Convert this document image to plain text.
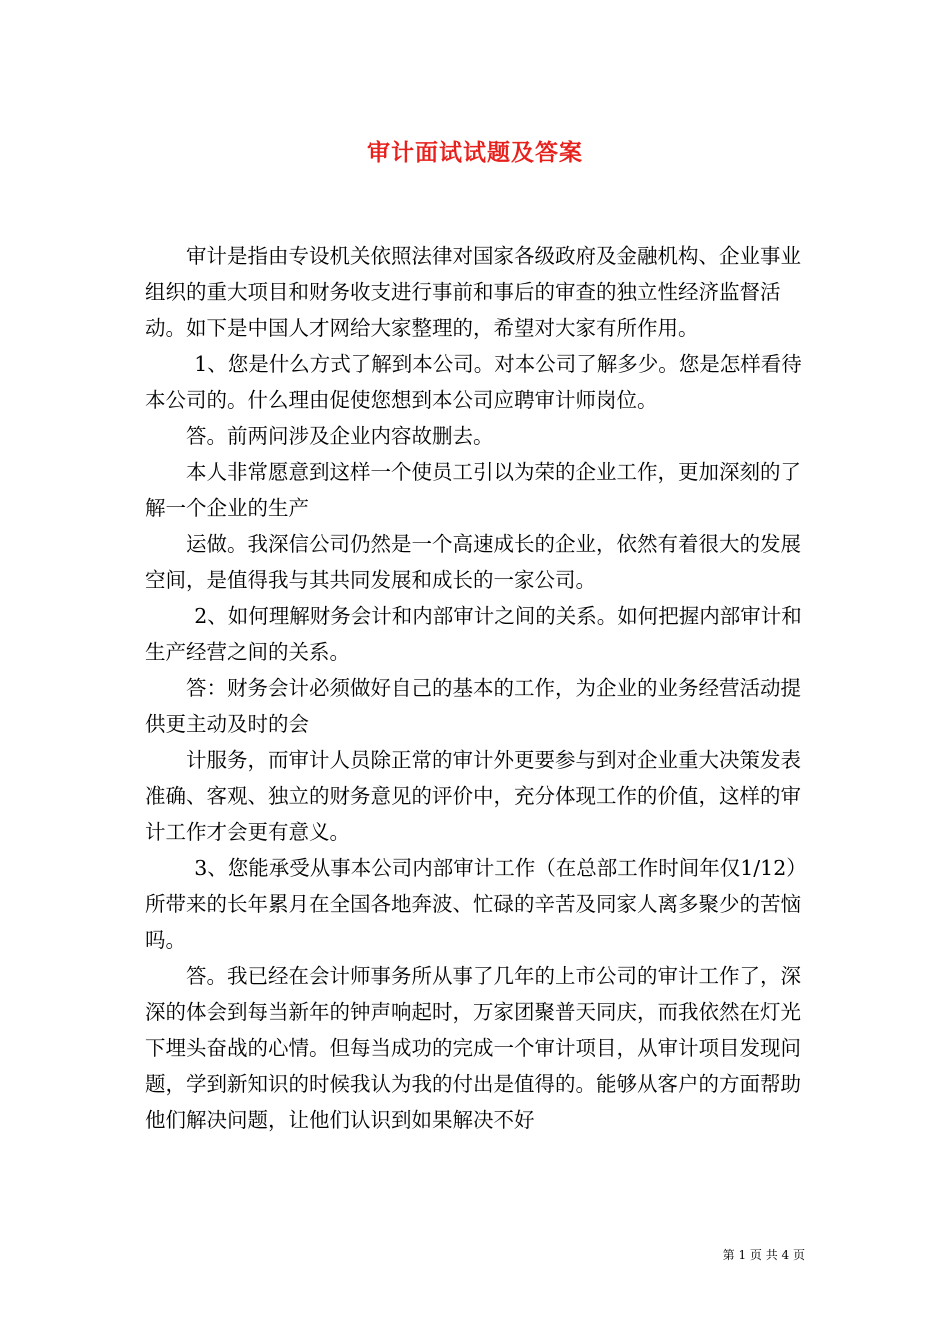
审计面试试题及答案

审计是指由专设机关依照法律对国家各级政府及金融机构、企业事业组织的重大项目和财务收支进行事前和事后的审查的独立性经济监督活动。如下是中国人才网给大家整理的，希望对大家有所作用。

1、您是什么方式了解到本公司。对本公司了解多少。您是怎样看待本公司的。什么理由促使您想到本公司应聘审计师岗位。

答。前两问涉及企业内容故删去。

本人非常愿意到这样一个使员工引以为荣的企业工作，更加深刻的了解一个企业的生产

运做。我深信公司仍然是一个高速成长的企业，依然有着很大的发展空间，是值得我与其共同发展和成长的一家公司。

2、如何理解财务会计和内部审计之间的关系。如何把握内部审计和生产经营之间的关系。

答：财务会计必须做好自己的基本的工作，为企业的业务经营活动提供更主动及时的会

计服务，而审计人员除正常的审计外更要参与到对企业重大决策发表准确、客观、独立的财务意见的评价中，充分体现工作的价值，这样的审计工作才会更有意义。

3、您能承受从事本公司内部审计工作（在总部工作时间年仅1/12）所带来的长年累月在全国各地奔波、忙碌的辛苦及同家人离多聚少的苦恼吗。

答。我已经在会计师事务所从事了几年的上市公司的审计工作了，深深的体会到每当新年的钟声响起时，万家团聚普天同庆，而我依然在灯光下埋头奋战的心情。但每当成功的完成一个审计项目，从审计项目发现问题，学到新知识的时候我认为我的付出是值得的。能够从客户的方面帮助他们解决问题，让他们认识到如果解决不好

第 1 页 共 4 页
